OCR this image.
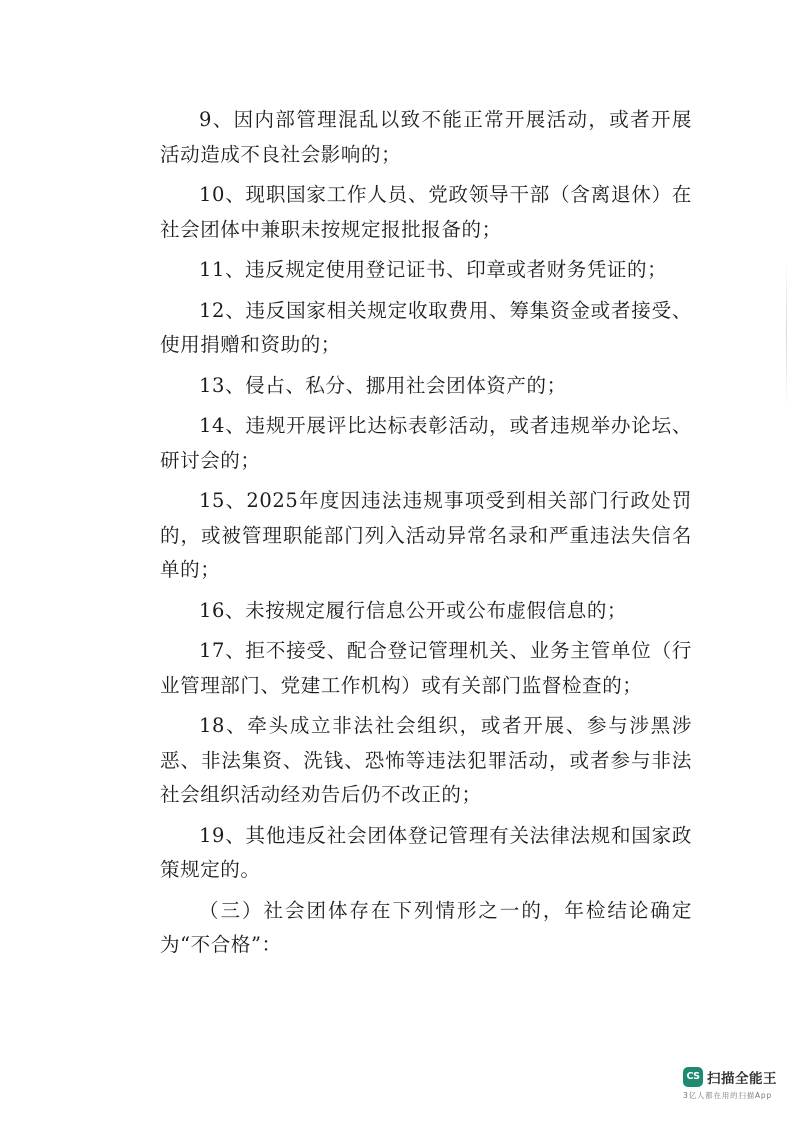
9、因内部管理混乱以致不能正常开展活动，或者开展活动造成不良社会影响的；

10、现职国家工作人员、党政领导干部（含离退休）在社会团体中兼职未按规定报批报备的；

11、违反规定使用登记证书、印章或者财务凭证的；

12、违反国家相关规定收取费用、筹集资金或者接受、使用捐赠和资助的；

13、侵占、私分、挪用社会团体资产的；

14、违规开展评比达标表彰活动，或者违规举办论坛、研讨会的；

15、2025年度因违法违规事项受到相关部门行政处罚的，或被管理职能部门列入活动异常名录和严重违法失信名单的；

16、未按规定履行信息公开或公布虚假信息的；

17、拒不接受、配合登记管理机关、业务主管单位（行业管理部门、党建工作机构）或有关部门监督检查的；

18、牵头成立非法社会组织，或者开展、参与涉黑涉恶、非法集资、洗钱、恐怖等违法犯罪活动，或者参与非法社会组织活动经劝告后仍不改正的；

19、其他违反社会团体登记管理有关法律法规和国家政策规定的。

（三）社会团体存在下列情形之一的，年检结论确定为“不合格”：

CS 扫描全能王
3亿人都在用的扫描App
